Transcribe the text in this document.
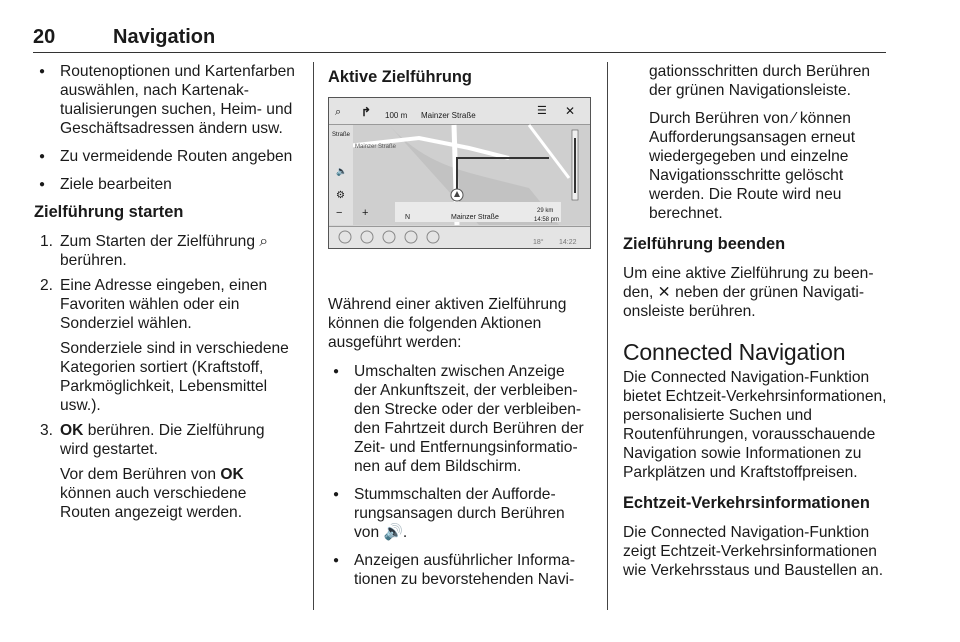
20	Navigation
● Routenoptionen und Kartenfarben auswählen, nach Kartenaktualisierungen suchen, Heim- und Geschäftsadressen ändern usw.
● Zu vermeidende Routen angeben
● Ziele bearbeiten
Zielführung starten
1. Zum Starten der Zielführung ⌕ berühren.
2. Eine Adresse eingeben, einen Favoriten wählen oder ein Sonderziel wählen.
Sonderziele sind in verschiedene Kategorien sortiert (Kraftstoff, Parkmöglichkeit, Lebensmittel usw.).
3. OK berühren. Die Zielführung wird gestartet.
Vor dem Berühren von OK können auch verschiedene Routen angezeigt werden.
Aktive Zielführung
⌕ ↱ 100 m Mainzer Straße	☰ ✕
Straße
Mainzer Straße
🔈
⚙
− +	N	Mainzer Straße
29 km
14:58 pm
18° 14:22

Während einer aktiven Zielführung können die folgenden Aktionen ausgeführt werden:

● Umschalten zwischen Anzeige der Ankunftszeit, der verbleibenden Strecke oder der verbleibenden Fahrtzeit durch Berühren der Zeit- und Entfernungsinformationen auf dem Bildschirm.
● Stummschalten der Aufforderungsansagen durch Berühren von 🔊.
● Anzeigen ausführlicher Informationen zu bevorstehenden Navi-
gationsschritten durch Berühren der grünen Navigationsleiste.
Durch Berühren von ⁄ können Aufforderungsansagen erneut wiedergegeben und einzelne Navigationsschritte gelöscht werden. Die Route wird neu berechnet.
Zielführung beenden

Um eine aktive Zielführung zu beenden, ✕ neben der grünen Navigationsleiste berühren.

Connected Navigation

Die Connected Navigation-Funktion bietet Echtzeit-Verkehrsinformationen, personalisierte Suchen und Routenführungen, vorausschauende Navigation sowie Informationen zu Parkplätzen und Kraftstoffpreisen.

Echtzeit-Verkehrsinformationen

Die Connected Navigation-Funktion zeigt Echtzeit-Verkehrsinformationen wie Verkehrsstaus und Baustellen an.
